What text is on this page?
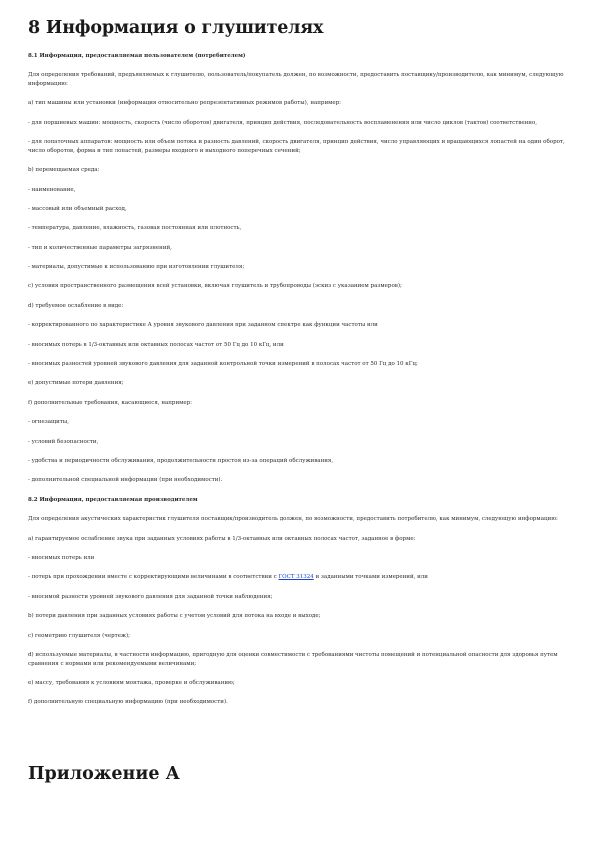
8 Информация о глушителях

8.1 Информация, предоставляемая пользователем (потребителем)

Для определения требований, предъявляемых к глушителю, пользователь/покупатель должен, по возможности, предоставить поставщику/производителю, как минимум, следующую информацию:

а) тип машины или установки (информация относительно репрезентативных режимов работы), например:

- для поршневых машин: мощность, скорость (число оборотов) двигателя, принцип действия, последовательность воспламенения или число циклов (тактов) соответственно,

- для лопаточных аппаратов: мощность или объем потока и разность давлений, скорость двигателя, принцип действия, число управляющих и вращающихся лопастей на один оборот, число оборотов, форма и тип лопастей, размеры входного и выходного поперечных сечений;

b) перемещаемая среда:

- наименование,

- массовый или объемный расход,

- температура, давление, влажность, газовая постоянная или плотность,

- тип и количественные параметры загрязнений,

- материалы, допустимые к использованию при изготовлении глушителя;

c) условия пространственного размещения всей установки, включая глушитель и трубопроводы (эскиз с указанием размеров);

d) требуемое ослабление в виде:

- корректированного по характеристике А уровня звукового давления при заданном спектре как функции частоты или

- вносимых потерь в 1/3-октавных или октавных полосах частот от 50 Гц до 10 кГц, или

- вносимых разностей уровней звукового давления для заданной контрольной точки измерений в полосах частот от 50 Гц до 10 кГц;

e) допустимые потери давления;

f) дополнительные требования, касающиеся, например:

- огнезащиты,

- условий безопасности,

- удобства и периодичности обслуживания, продолжительности простоя из-за операций обслуживания,

- дополнительной специальной информации (при необходимости).

8.2 Информация, предоставляемая производителем

Для определения акустических характеристик глушителя поставщик/производитель должен, по возможности, предоставить потребителю, как минимум, следующую информацию:

а) гарантируемое ослабление звука при заданных условиях работы в 1/3-октавных или октавных полосах частот, заданное в форме:

- вносимых потерь или

- потерь при прохождении вместе с корректирующими величинами в соответствии с ГОСТ 31324 и заданными точками измерений, или

- вносимой разности уровней звукового давления для заданной точки наблюдения;

b) потери давления при заданных условиях работы с учетом условий для потока на входе и выходе;

c) геометрию глушителя (чертеж);

d) используемые материалы, в частности информацию, пригодную для оценки совместимости с требованиями чистоты помещений и потенциальной опасности для здоровья путем сравнения с нормами или рекомендуемыми величинами;

e) массу, требования к условиям монтажа, проверке и обслуживанию;

f) дополнительную специальную информацию (при необходимости).

Приложение А
